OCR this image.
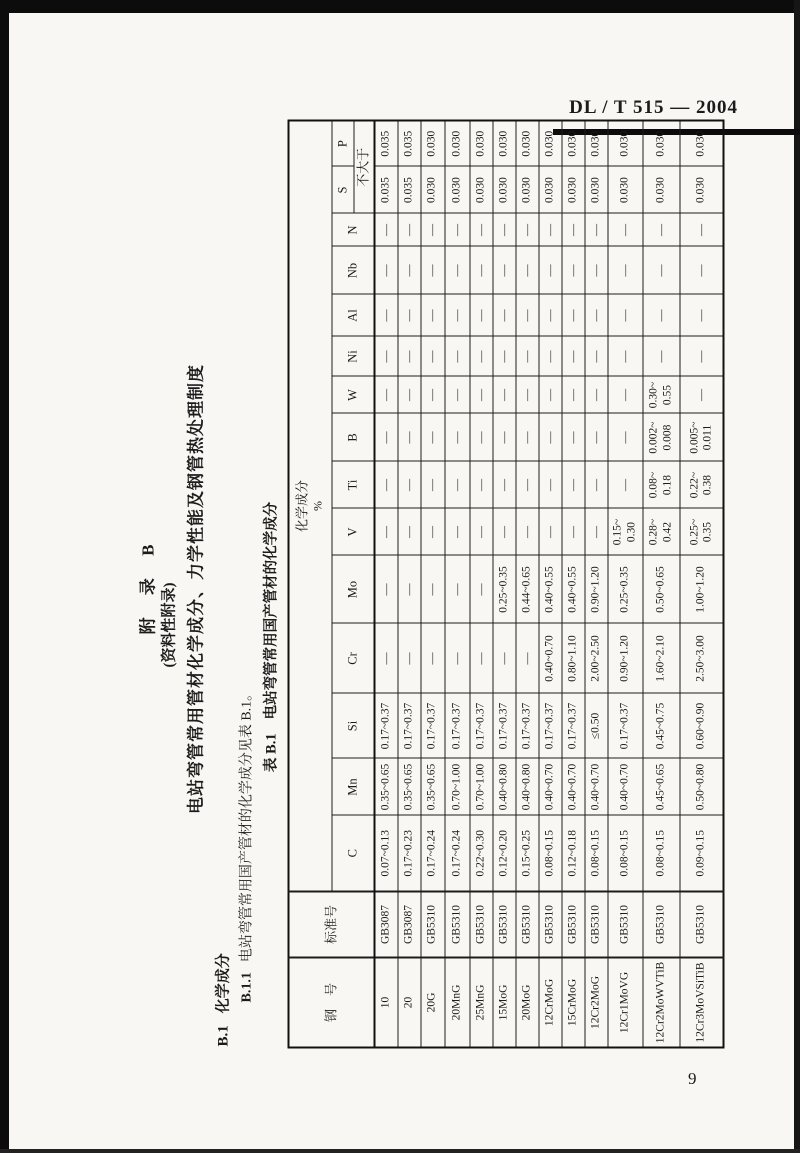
DL / T 515 — 2004
9
附 录 B (资料性附录) 电站弯管常用管材化学成分、力学性能及钢管热处理制度
B.1化学成分 B.1.1电站弯管常用国产管材的化学成分见表 B.1。 表 B.1电站弯管常用国产管材的化学成分
钢　号	标准号	化学成分 %														

		C	Mn	Si	Cr	Mo	V	Ti	B	W	Ni	Al	Nb	N	S	P
															不大于	
10	GB3087	0.07~0.13	0.35~0.65	0.17~0.37	—	—	—	—	—	—	—	—	—	—	0.035	0.035
20	GB3087	0.17~0.23	0.35~0.65	0.17~0.37	—	—	—	—	—	—	—	—	—	—	0.035	0.035
20G	GB5310	0.17~0.24	0.35~0.65	0.17~0.37	—	—	—	—	—	—	—	—	—	—	0.030	0.030
20MnG	GB5310	0.17~0.24	0.70~1.00	0.17~0.37	—	—	—	—	—	—	—	—	—	—	0.030	0.030
25MnG	GB5310	0.22~0.30	0.70~1.00	0.17~0.37	—	—	—	—	—	—	—	—	—	—	0.030	0.030
15MoG	GB5310	0.12~0.20	0.40~0.80	0.17~0.37	—	0.25~0.35	—	—	—	—	—	—	—	—	0.030	0.030
20MoG	GB5310	0.15~0.25	0.40~0.80	0.17~0.37	—	0.44~0.65	—	—	—	—	—	—	—	—	0.030	0.030
12CrMoG	GB5310	0.08~0.15	0.40~0.70	0.17~0.37	0.40~0.70	0.40~0.55	—	—	—	—	—	—	—	—	0.030	0.030
15CrMoG	GB5310	0.12~0.18	0.40~0.70	0.17~0.37	0.80~1.10	0.40~0.55	—	—	—	—	—	—	—	—	0.030	0.030
12Cr2MoG	GB5310	0.08~0.15	0.40~0.70	≤0.50	2.00~2.50	0.90~1.20	—	—	—	—	—	—	—	—	0.030	0.030
12Cr1MoVG	GB5310	0.08~0.15	0.40~0.70	0.17~0.37	0.90~1.20	0.25~0.35	0.15~ 0.30	—	—	—	—	—	—	—	0.030	0.030
12Cr2MoWVTiB	GB5310	0.08~0.15	0.45~0.65	0.45~0.75	1.60~2.10	0.50~0.65	0.28~ 0.42	0.08~ 0.18	0.002~ 0.008	0.30~ 0.55	—	—	—	—	0.030	0.030
12Cr3MoVSiTiB	GB5310	0.09~0.15	0.50~0.80	0.60~0.90	2.50~3.00	1.00~1.20	0.25~ 0.35	0.22~ 0.38	0.005~ 0.011	—	—	—	—	—	0.030	0.030
